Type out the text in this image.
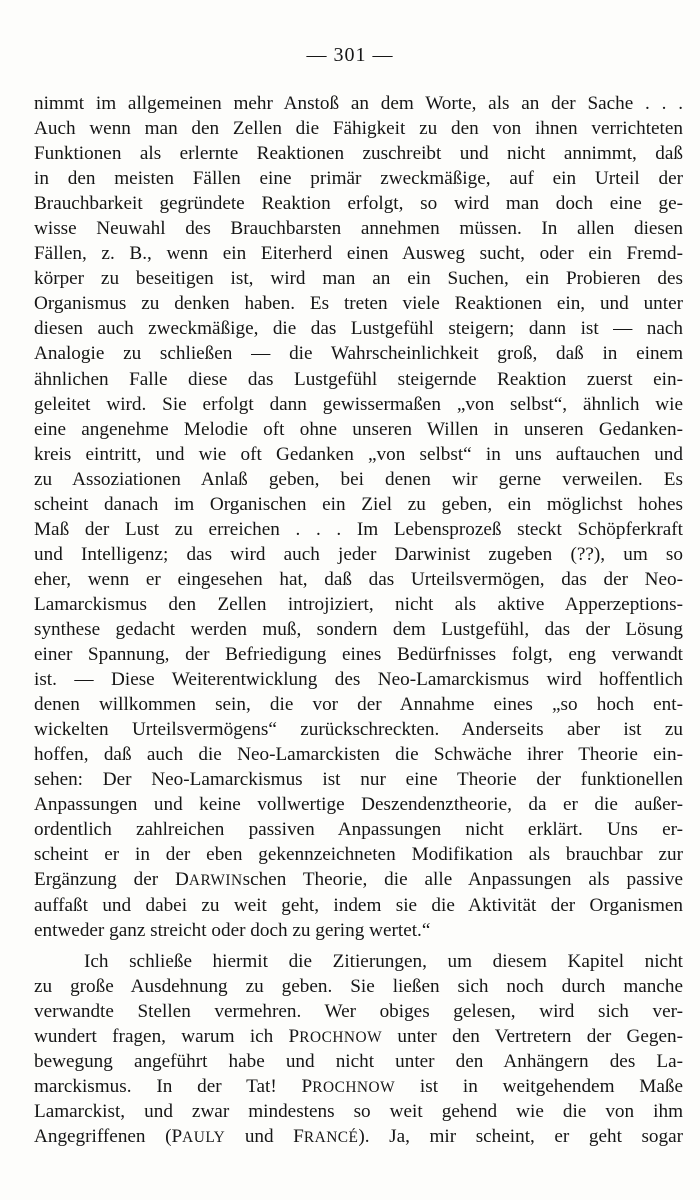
— 301 —
nimmt im allgemeinen mehr Anstoß an dem Worte, als an der Sache . . .
Auch wenn man den Zellen die Fähigkeit zu den von ihnen verrichteten
Funktionen als erlernte Reaktionen zuschreibt und nicht annimmt, daß
in den meisten Fällen eine primär zweckmäßige, auf ein Urteil der
Brauchbarkeit gegründete Reaktion erfolgt, so wird man doch eine ge-
wisse Neuwahl des Brauchbarsten annehmen müssen. In allen diesen
Fällen, z. B., wenn ein Eiterherd einen Ausweg sucht, oder ein Fremd-
körper zu beseitigen ist, wird man an ein Suchen, ein Probieren des
Organismus zu denken haben. Es treten viele Reaktionen ein, und unter
diesen auch zweckmäßige, die das Lustgefühl steigern; dann ist — nach
Analogie zu schließen — die Wahrscheinlichkeit groß, daß in einem
ähnlichen Falle diese das Lustgefühl steigernde Reaktion zuerst ein-
geleitet wird. Sie erfolgt dann gewissermaßen „von selbst“, ähnlich wie
eine angenehme Melodie oft ohne unseren Willen in unseren Gedanken-
kreis eintritt, und wie oft Gedanken „von selbst“ in uns auftauchen und
zu Assoziationen Anlaß geben, bei denen wir gerne verweilen. Es
scheint danach im Organischen ein Ziel zu geben, ein möglichst hohes
Maß der Lust zu erreichen . . . Im Lebensprozeß steckt Schöpferkraft
und Intelligenz; das wird auch jeder Darwinist zugeben (??), um so
eher, wenn er eingesehen hat, daß das Urteilsvermögen, das der Neo-
Lamarckismus den Zellen introjiziert, nicht als aktive Apperzeptions-
synthese gedacht werden muß, sondern dem Lustgefühl, das der Lösung
einer Spannung, der Befriedigung eines Bedürfnisses folgt, eng verwandt
ist. — Diese Weiterentwicklung des Neo-Lamarckismus wird hoffentlich
denen willkommen sein, die vor der Annahme eines „so hoch ent-
wickelten Urteilsvermögens“ zurückschreckten. Anderseits aber ist zu
hoffen, daß auch die Neo-Lamarckisten die Schwäche ihrer Theorie ein-
sehen: Der Neo-Lamarckismus ist nur eine Theorie der funktionellen
Anpassungen und keine vollwertige Deszendenztheorie, da er die außer-
ordentlich zahlreichen passiven Anpassungen nicht erklärt. Uns er-
scheint er in der eben gekennzeichneten Modifikation als brauchbar zur
Ergänzung der DARWINschen Theorie, die alle Anpassungen als passive
auffaßt und dabei zu weit geht, indem sie die Aktivität der Organismen
entweder ganz streicht oder doch zu gering wertet.“
Ich schließe hiermit die Zitierungen, um diesem Kapitel nicht
zu große Ausdehnung zu geben. Sie ließen sich noch durch manche
verwandte Stellen vermehren. Wer obiges gelesen, wird sich ver-
wundert fragen, warum ich PROCHNOW unter den Vertretern der Gegen-
bewegung angeführt habe und nicht unter den Anhängern des La-
marckismus. In der Tat! PROCHNOW ist in weitgehendem Maße
Lamarckist, und zwar mindestens so weit gehend wie die von ihm
Angegriffenen (PAULY und FRANCÉ). Ja, mir scheint, er geht sogar
